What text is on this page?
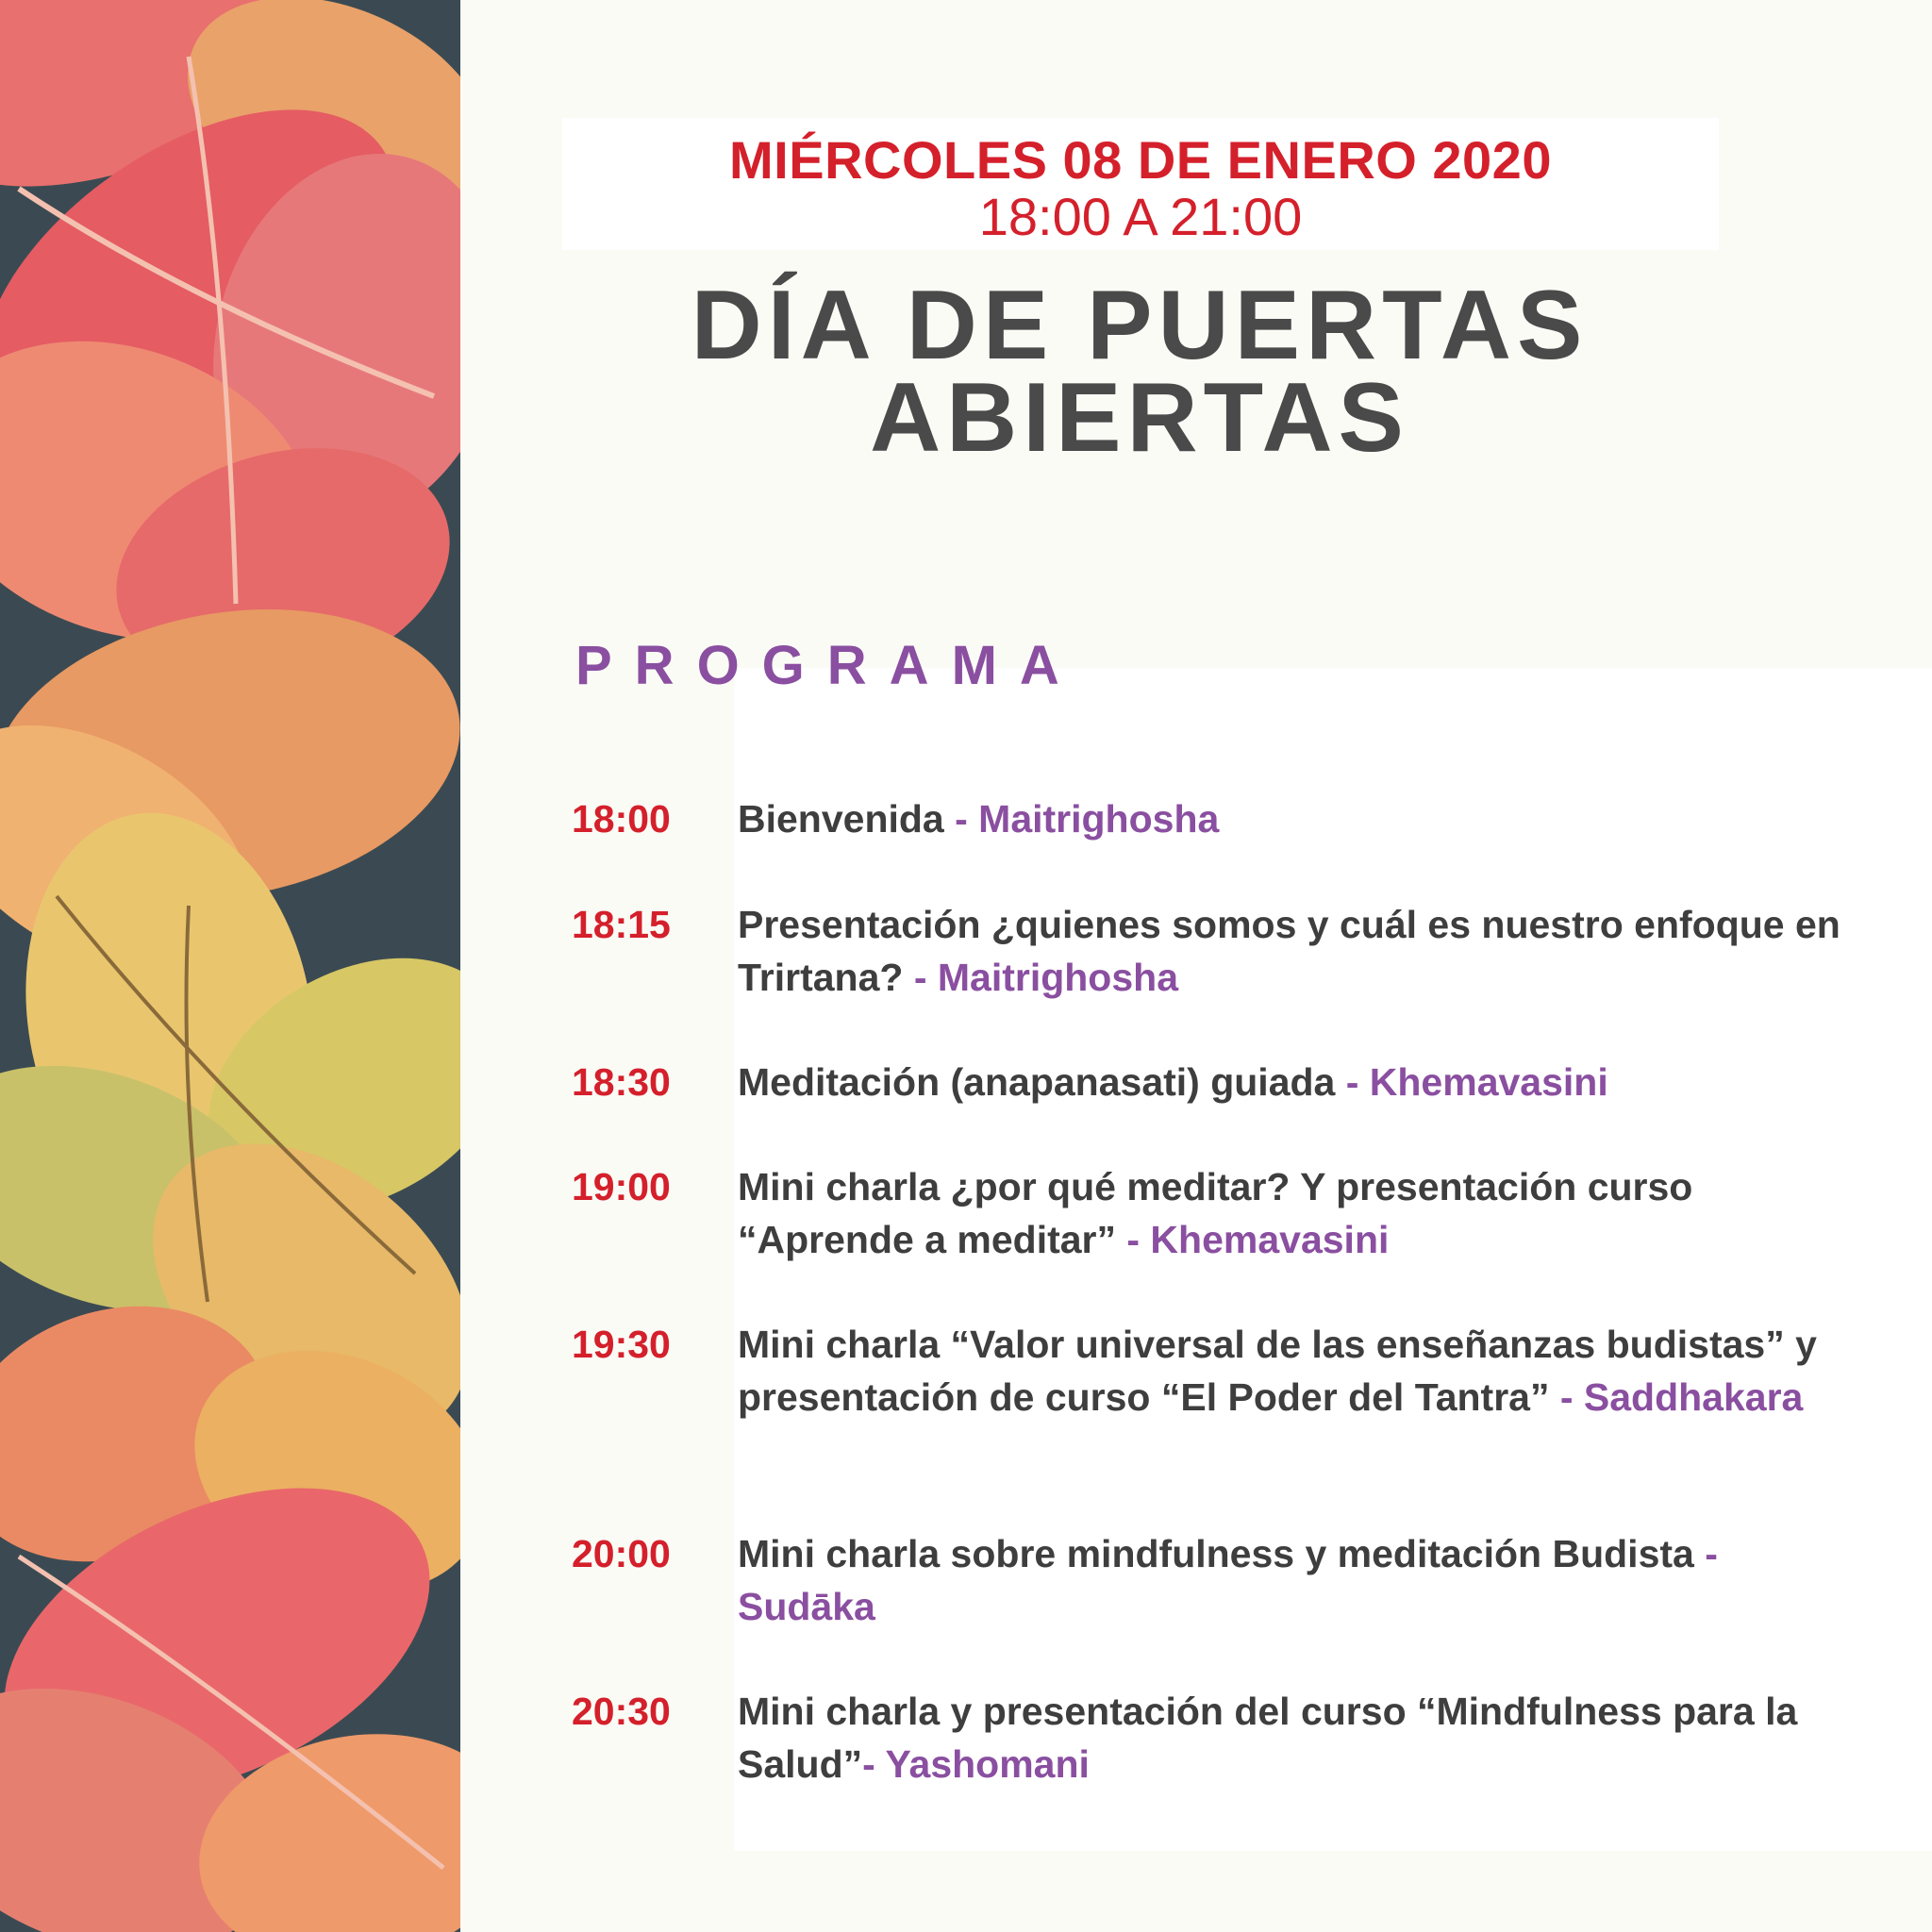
MIÉRCOLES 08 DE ENERO 2020
18:00 A 21:00
DÍA DE PUERTAS
ABIERTAS
PROGRAMA
18:00	Bienvenida - Maitrighosha
18:15	Presentación ¿quienes somos y cuál es nuestro enfoque en Trirtana? - Maitrighosha
18:30	Meditación (anapanasati) guiada - Khemavasini
19:00	Mini charla ¿por qué meditar? Y presentación curso “Aprende a meditar” - Khemavasini
19:30	Mini charla “Valor universal de las enseñanzas budistas” y presentación de curso “El Poder del Tantra” - Saddhakara
20:00	Mini charla sobre mindfulness y meditación Budista - Sudāka
20:30	Mini charla y presentación del curso “Mindfulness para la Salud”- Yashomani
